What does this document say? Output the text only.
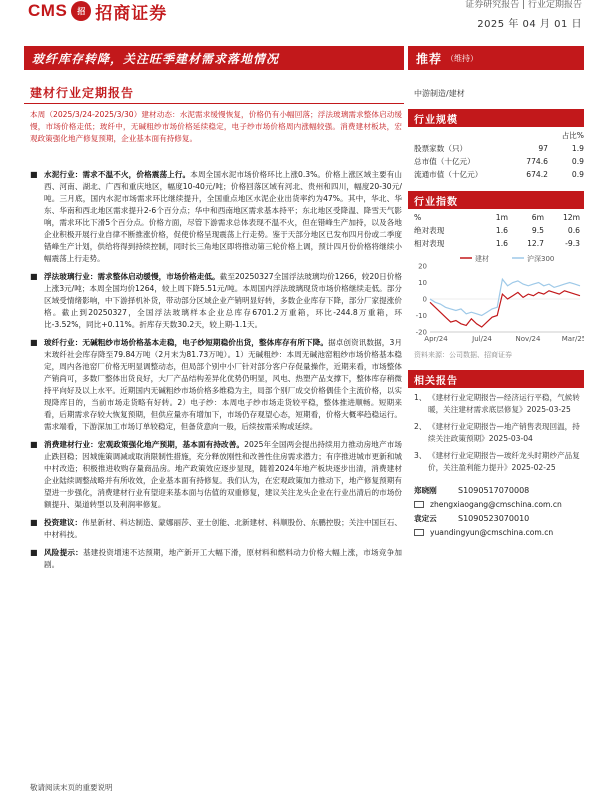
CMS	招 招商证券	证券研究报告 | 行业定期报告
2025 年 04 月 01 日
玻纤库存转降，关注旺季建材需求落地情况	推荐 （维持）
建材行业定期报告
本周（2025/3/24-2025/3/30）建材动态：水泥需求缓慢恢复，价格仍有小幅回落；浮法玻璃需求整体启动缓慢，市场价格走低；玻纤中，无碱粗纱市场价格延续稳定，电子纱市场价格周内涨幅较强。消费建材板块，宏观政策强化地产修复预期，企业基本面有持修复。
■ 水泥行业：需求不温不火，价格震荡上行。本周全国水泥市场价格环比上涨0.3%。价格上涨区域主要有山西、河南、湖北、广西和重庆地区，幅度10-40元/吨；价格回落区域有河北、贵州和四川，幅度20-30元/吨。三月底，国内水泥市场需求环比继续提升，全国重点地区水泥企业出货率约为47%。其中，华北、华东、华南和西北地区需求提升2-6个百分点；华中和西南地区需求基本持平；东北地区受降温、降雪天气影响，需求环比下滑5个百分点。价格方面，尽管下游需求总体表现不温不火，但在错峰生产加持，以及各地企业积极开展行业自律不断推涨价格，促使价格呈现震荡上行走势。鉴于天部分地区已发布四月份或二季度错峰生产计划，供给将得到持续控制，同时长三角地区即将推动第三轮价格上调，预计四月份价格将继续小幅震荡上行走势。
■ 浮法玻璃行业：需求整体启动缓慢，市场价格走低。截至20250327全国浮法玻璃均价1266，较20日价格上涨3元/吨；本周全国均价1264，较上周下降5.51元/吨。本周国内浮法玻璃现货市场价格继续走低。部分区域受情绪影响，中下游择机补货，带动部分区域企业产销明显好转，多数企业库存下降，部分厂家提涨价格。截止到20250327，全国浮法玻璃样本企业总库存6701.2万重箱，环比-244.8万重箱，环比-3.52%，同比+0.11%。折库存天数30.2天，较上期-1.1天。
■ 玻纤行业：无碱粗纱市场价格基本走稳，电子纱短期稳价出货，整体库存有所下降。据卓创资讯数据，3月末玻纤社会库存降至79.84万吨（2月末为81.73万吨）。1）无碱粗纱：本周无碱池窑粗纱市场价格基本稳定，周内各池窑厂价格无明显调整动态，但局部个别中小厂针对部分客户存促量操作，近期来看，市场整体产销尚可，多数厂整体出货良好，大厂产品结构差异化优势仍明显，风电、热塑产品支撑下，整体库存稍微持平向好及以上水平。近期国内无碱粗纱市场价格多维稳为主，局部个别厂成交价格偶佳个主流价格，以实现降库目的，当前市场走货略有好转。2）电子纱：本周电子纱市场走货较平稳，整体推进顺畅。短期来看，后期需求存较大恢复预期，但供应量亦有增加下，市场仍存观望心态，短期看，价格大概率趋稳运行。需求端看，下游深加工市场订单较稳定，但备货意向一般，后续按需采购或延续。
■ 消费建材行业：宏观政策强化地产预期，基本面有持改善。2025年全国两会提出持续用力推动房地产市场止跌回稳；因城施策调减或取消限制性措施，充分释放刚性和改善性住房需求潜力；有序推进城市更新和城中村改造；积极推进收购存量商品房。地产政策效应逐步显现，随着2024年地产板块逐步出清，消费建材企业陆续调整战略并有所收效，企业基本面有持修复。我们认为，在宏观政策加力推动下，地产修复预期有望进一步强化，消费建材行业有望迎来基本面与估值的双重修复，建议关注龙头企业在行业出清后的市场份额提升、渠道转型以及利润率修复。
■ 投资建议：伟星新材、科达制造、蒙娜丽莎、亚士创能、北新建材、科顺股份、东鹏控股；关注中国巨石、中材科技。
■ 风险提示：基建投资增速不达预期，地产新开工大幅下滑，原材料和燃料动力价格大幅上涨，市场竞争加剧。
敬请阅读末页的重要说明
中游制造/建材
行业规模
占比%
股票家数（只）	97	1.9
总市值（十亿元）	774.6	0.9
流通市值（十亿元）	674.2	0.9
行业指数
%	1m	6m	12m
绝对表现	1.6	9.5	0.6
相对表现	1.6	12.7	-9.3
建材	沪深300
20
10
0
-10
-20
Apr/24	Jul/24	Nov/24	Mar/25
资料来源：公司数据、招商证券
相关报告
1、 《建材行业定期报告—经济运行平稳，气候转暖，关注建材需求底层修复》2025-03-25
2、 《建材行业定期报告—地产销售表现回温，持续关注政策预期》2025-03-04
3、 《建材行业定期报告—玻纤龙头时期纱产品复价，关注盈利能力提升》2025-02-25
郑晓刚	S1090517070008
zhengxiaogang@cmschina.com.cn
袁定云	S1090523070010
yuandingyun@cmschina.com.cn
